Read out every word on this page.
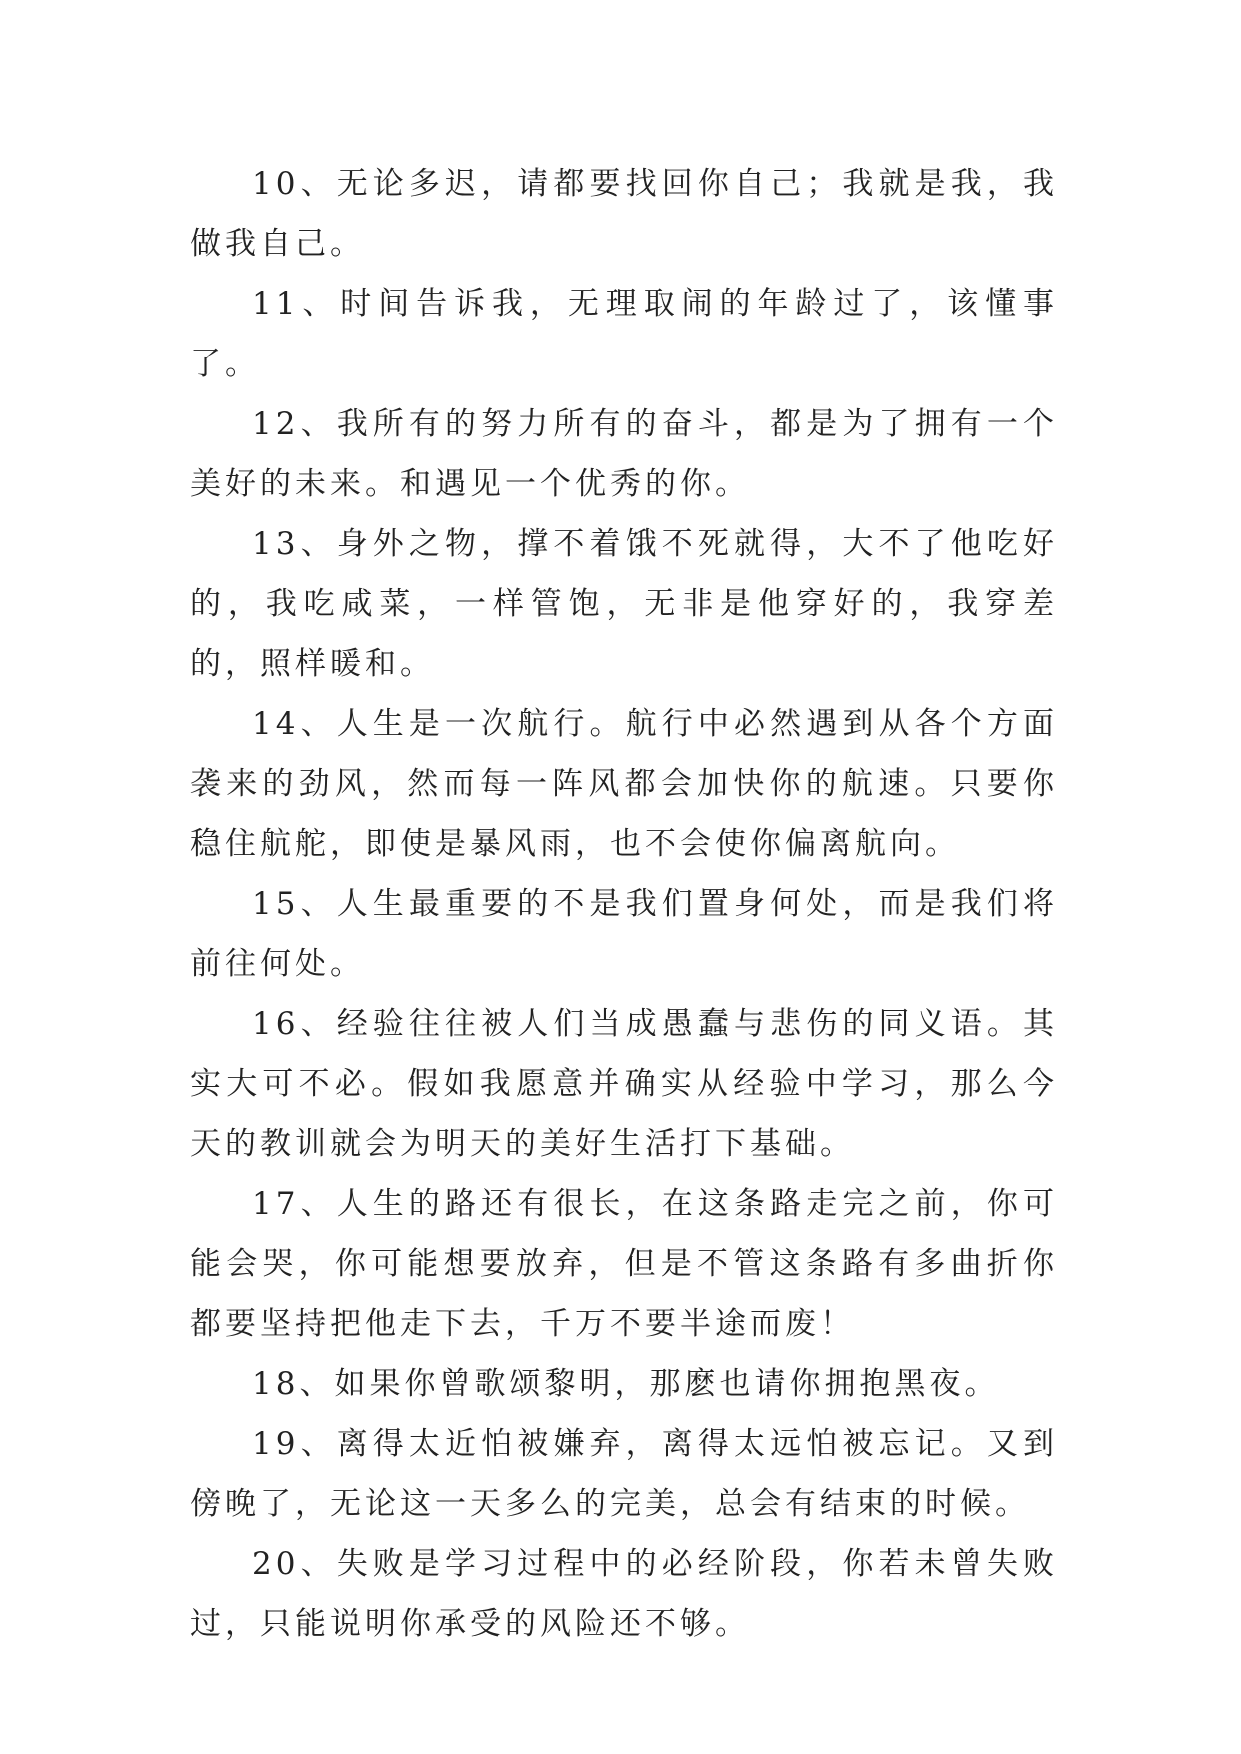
10、无论多迟，请都要找回你自己；我就是我，我做我自己。

11、时间告诉我，无理取闹的年龄过了，该懂事了。

12、我所有的努力所有的奋斗，都是为了拥有一个美好的未来。和遇见一个优秀的你。

13、身外之物，撑不着饿不死就得，大不了他吃好的，我吃咸菜，一样管饱，无非是他穿好的，我穿差的，照样暖和。

14、人生是一次航行。航行中必然遇到从各个方面袭来的劲风，然而每一阵风都会加快你的航速。只要你稳住航舵，即使是暴风雨，也不会使你偏离航向。

15、人生最重要的不是我们置身何处，而是我们将前往何处。

16、经验往往被人们当成愚蠢与悲伤的同义语。其实大可不必。假如我愿意并确实从经验中学习，那么今天的教训就会为明天的美好生活打下基础。

17、人生的路还有很长，在这条路走完之前，你可能会哭，你可能想要放弃，但是不管这条路有多曲折你都要坚持把他走下去，千万不要半途而废！

18、如果你曾歌颂黎明，那麽也请你拥抱黑夜。

19、离得太近怕被嫌弃，离得太远怕被忘记。又到傍晚了，无论这一天多么的完美，总会有结束的时候。

20、失败是学习过程中的必经阶段，你若未曾失败过，只能说明你承受的风险还不够。
